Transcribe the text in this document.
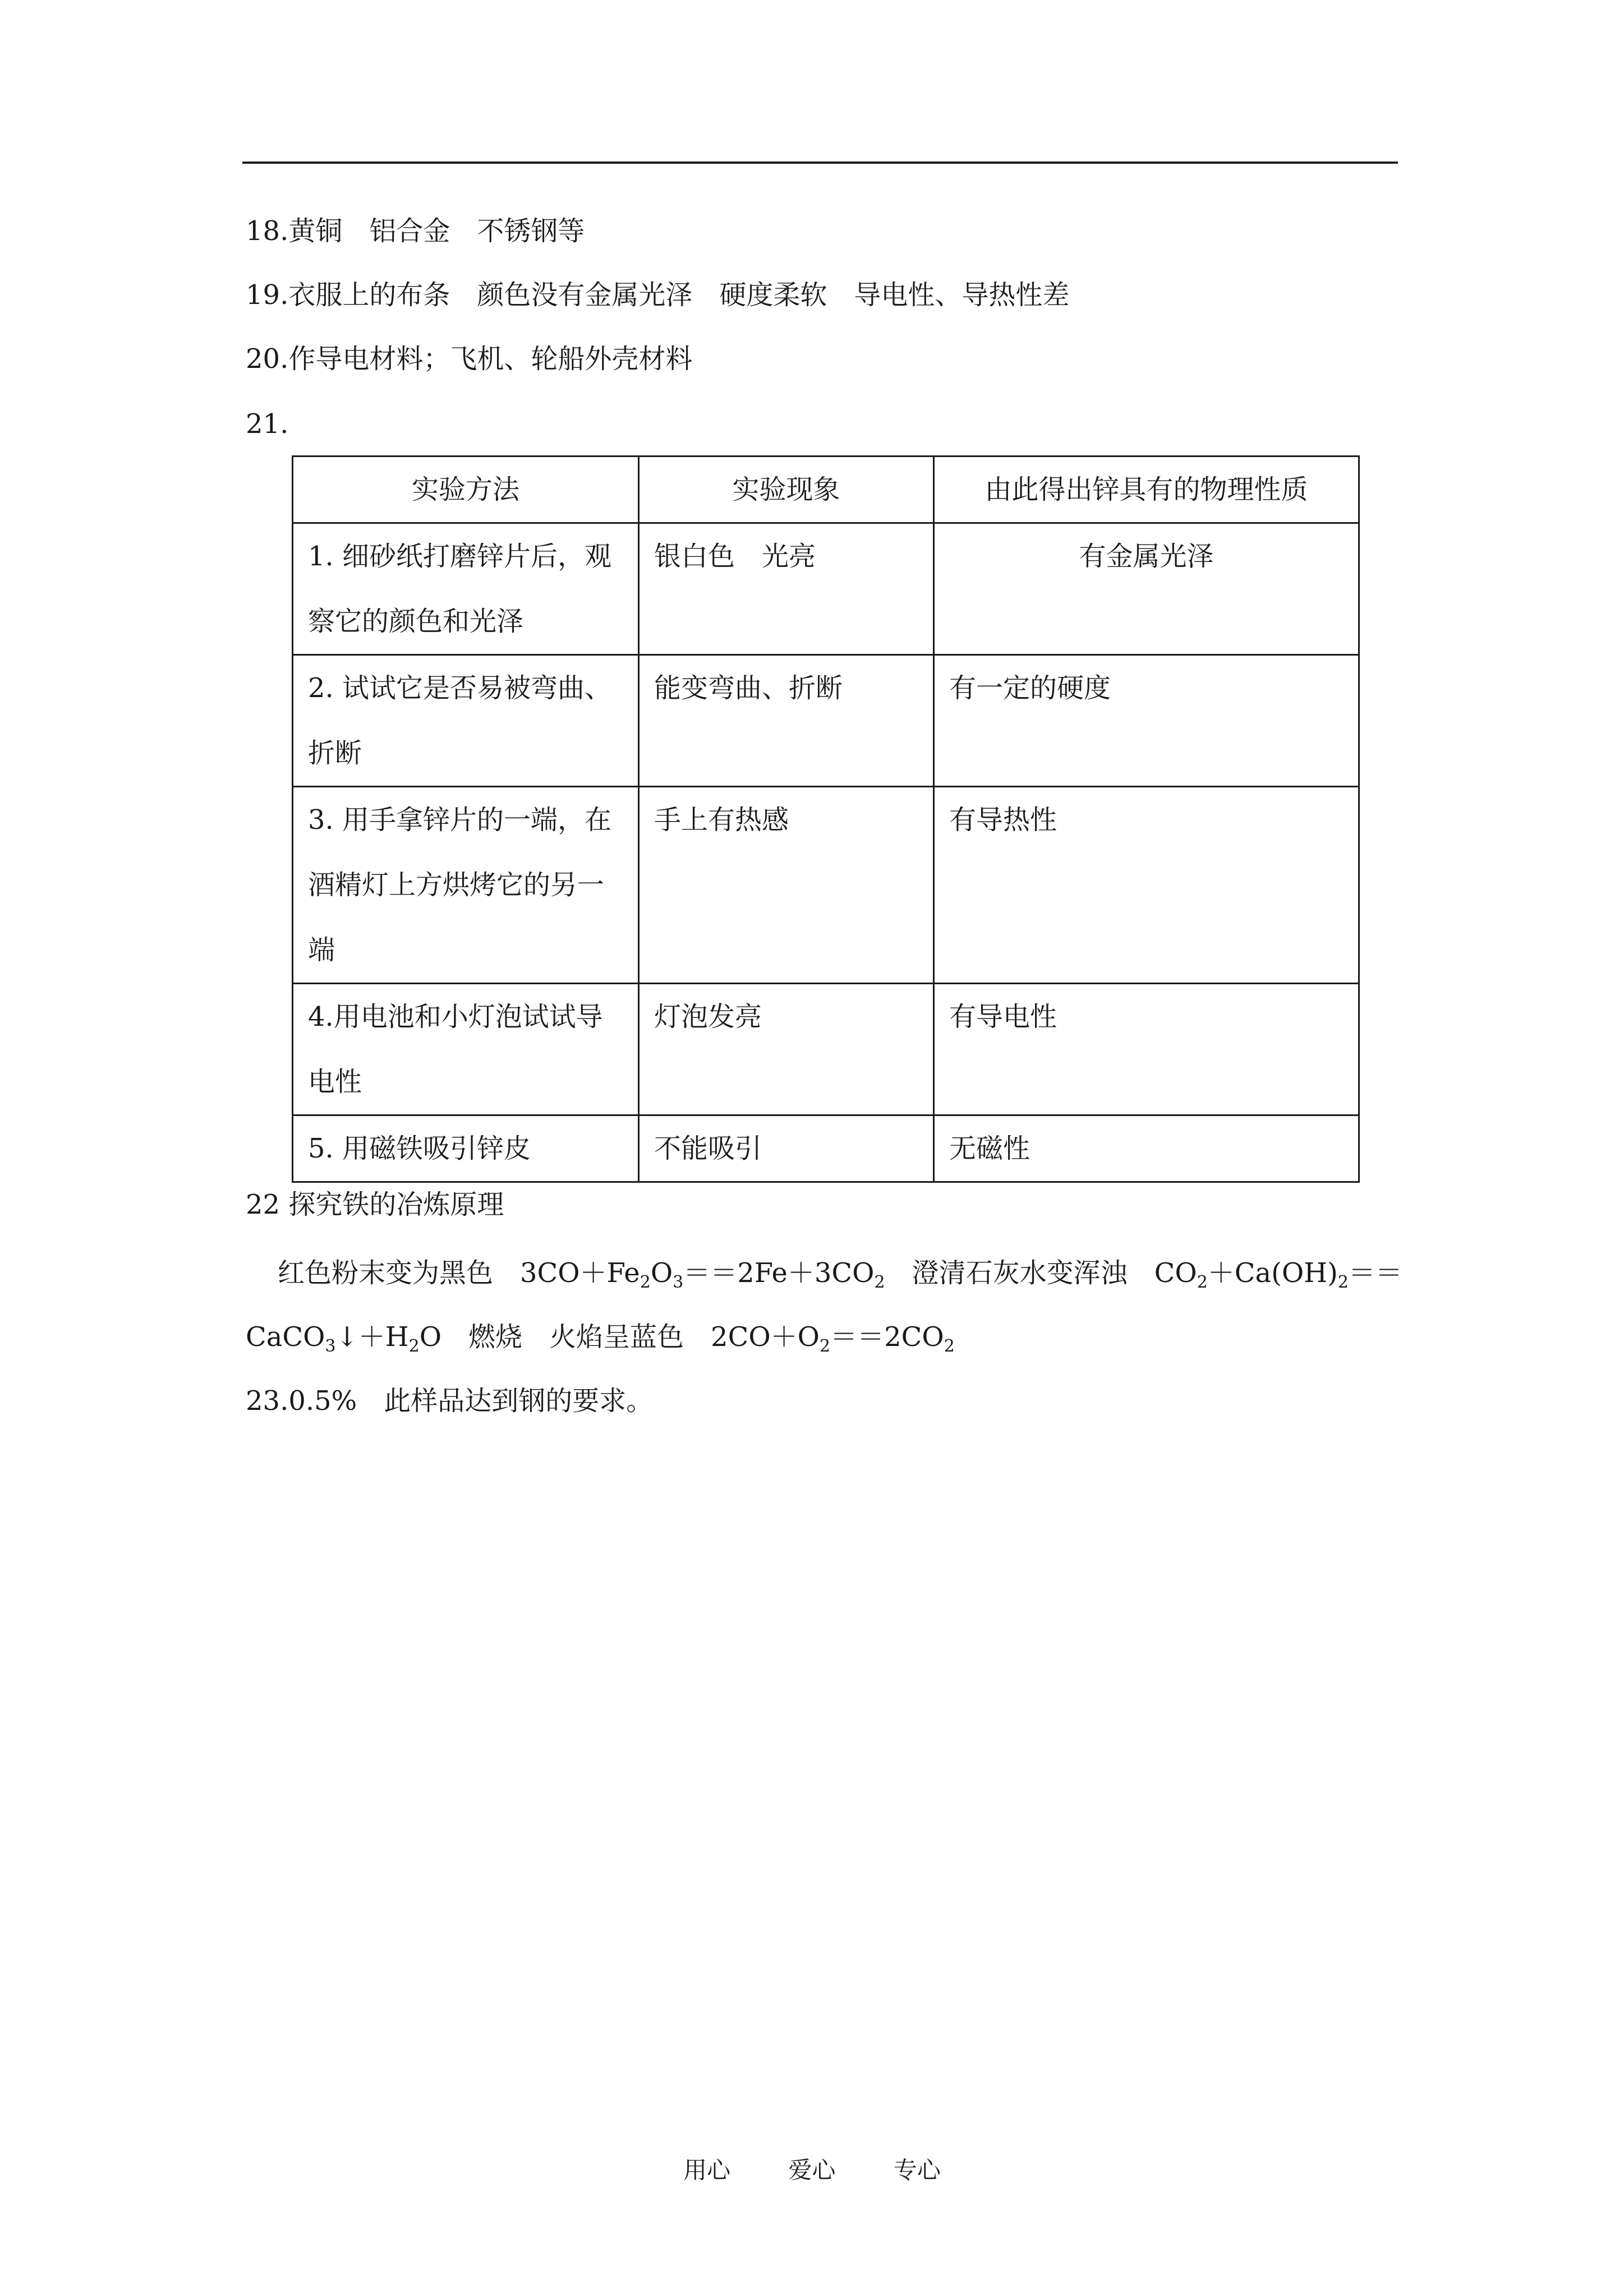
18.黄铜　铝合金　不锈钢等
19.衣服上的布条　颜色没有金属光泽　硬度柔软　导电性、导热性差
20.作导电材料；飞机、轮船外壳材料
21.
实验方法	实验现象	由此得出锌具有的物理性质
1. 细砂纸打磨锌片后，观察它的颜色和光泽	银白色　光亮	有金属光泽
2. 试试它是否易被弯曲、折断	能变弯曲、折断	有一定的硬度
3. 用手拿锌片的一端，在酒精灯上方烘烤它的另一端	手上有热感	有导热性
4.用电池和小灯泡试试导电性	灯泡发亮	有导电性
5. 用磁铁吸引锌皮	不能吸引	无磁性
22 探究铁的冶炼原理
红色粉末变为黑色　$3CO+Fe_2O_3==2Fe+3CO_2$　澄清石灰水变浑浊　$CO_2+Ca(OH)_2==$
$CaCO_3↓+H_2O$　燃烧　火焰呈蓝色　$2CO+O_2==2CO_2$
23.0.5%　此样品达到钢的要求。
用心 爱心 专心
